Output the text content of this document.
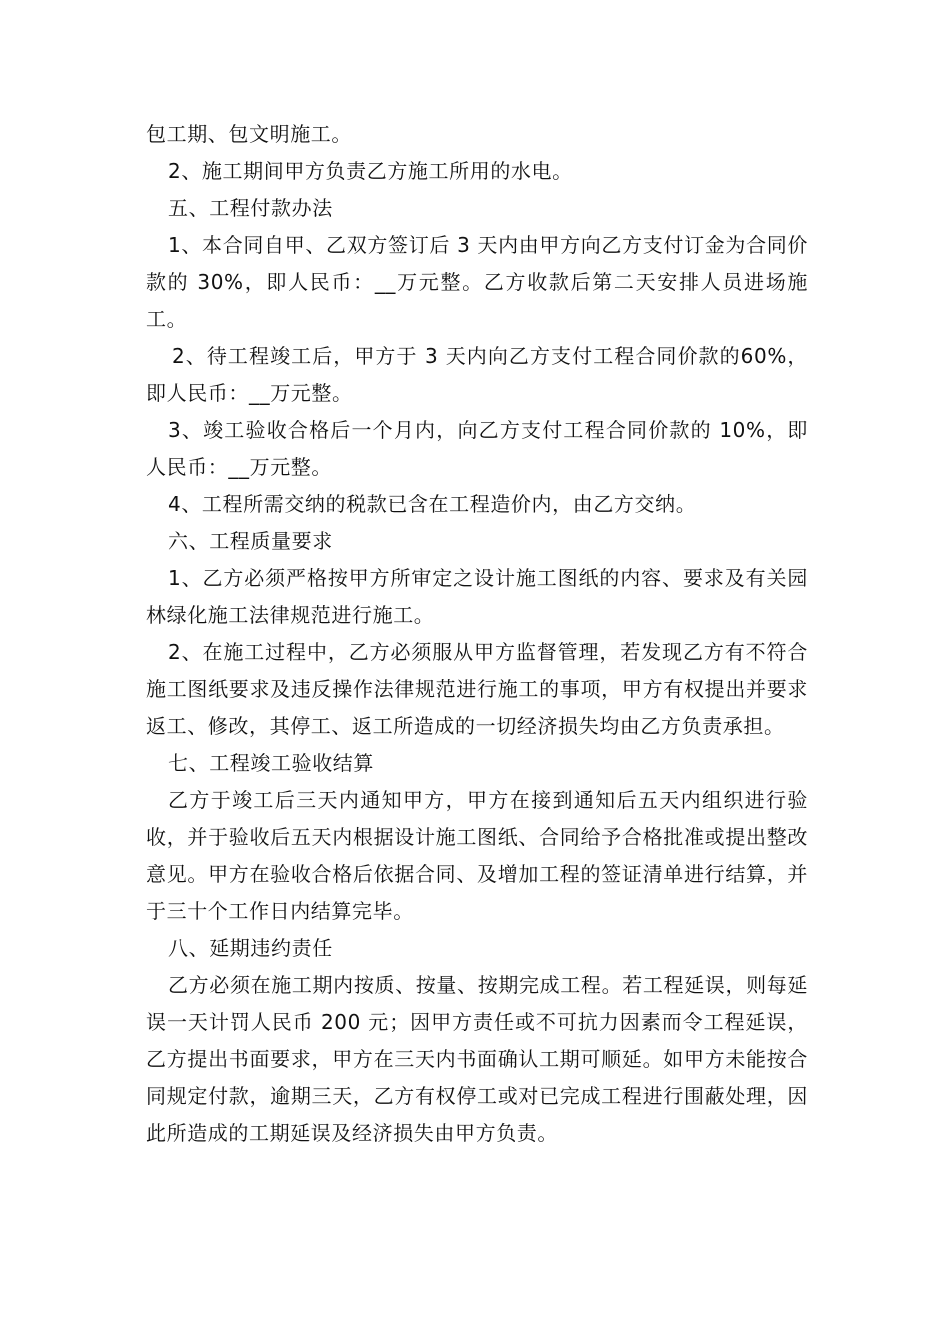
包工期、包文明施工。

2、施工期间甲方负责乙方施工所用的水电。

五、工程付款办法

1、本合同自甲、乙双方签订后 3 天内由甲方向乙方支付订金为合同价款的 30%，即人民币：__万元整。乙方收款后第二天安排人员进场施工。

2、待工程竣工后，甲方于 3 天内向乙方支付工程合同价款的60%， 即人民币：__万元整。

3、竣工验收合格后一个月内，向乙方支付工程合同价款的 10%，即人民币：__万元整。

4、工程所需交纳的税款已含在工程造价内，由乙方交纳。

六、工程质量要求

1、乙方必须严格按甲方所审定之设计施工图纸的内容、要求及有关园林绿化施工法律规范进行施工。

2、在施工过程中，乙方必须服从甲方监督管理，若发现乙方有不符合施工图纸要求及违反操作法律规范进行施工的事项，甲方有权提出并要求返工、修改，其停工、返工所造成的一切经济损失均由乙方负责承担。

七、工程竣工验收结算

乙方于竣工后三天内通知甲方，甲方在接到通知后五天内组织进行验收，并于验收后五天内根据设计施工图纸、合同给予合格批准或提出整改意见。甲方在验收合格后依据合同、及增加工程的签证清单进行结算，并于三十个工作日内结算完毕。

八、延期违约责任

乙方必须在施工期内按质、按量、按期完成工程。若工程延误，则每延误一天计罚人民币 200 元；因甲方责任或不可抗力因素而令工程延误，乙方提出书面要求，甲方在三天内书面确认工期可顺延。如甲方未能按合同规定付款，逾期三天，乙方有权停工或对已完成工程进行围蔽处理，因此所造成的工期延误及经济损失由甲方负责。
